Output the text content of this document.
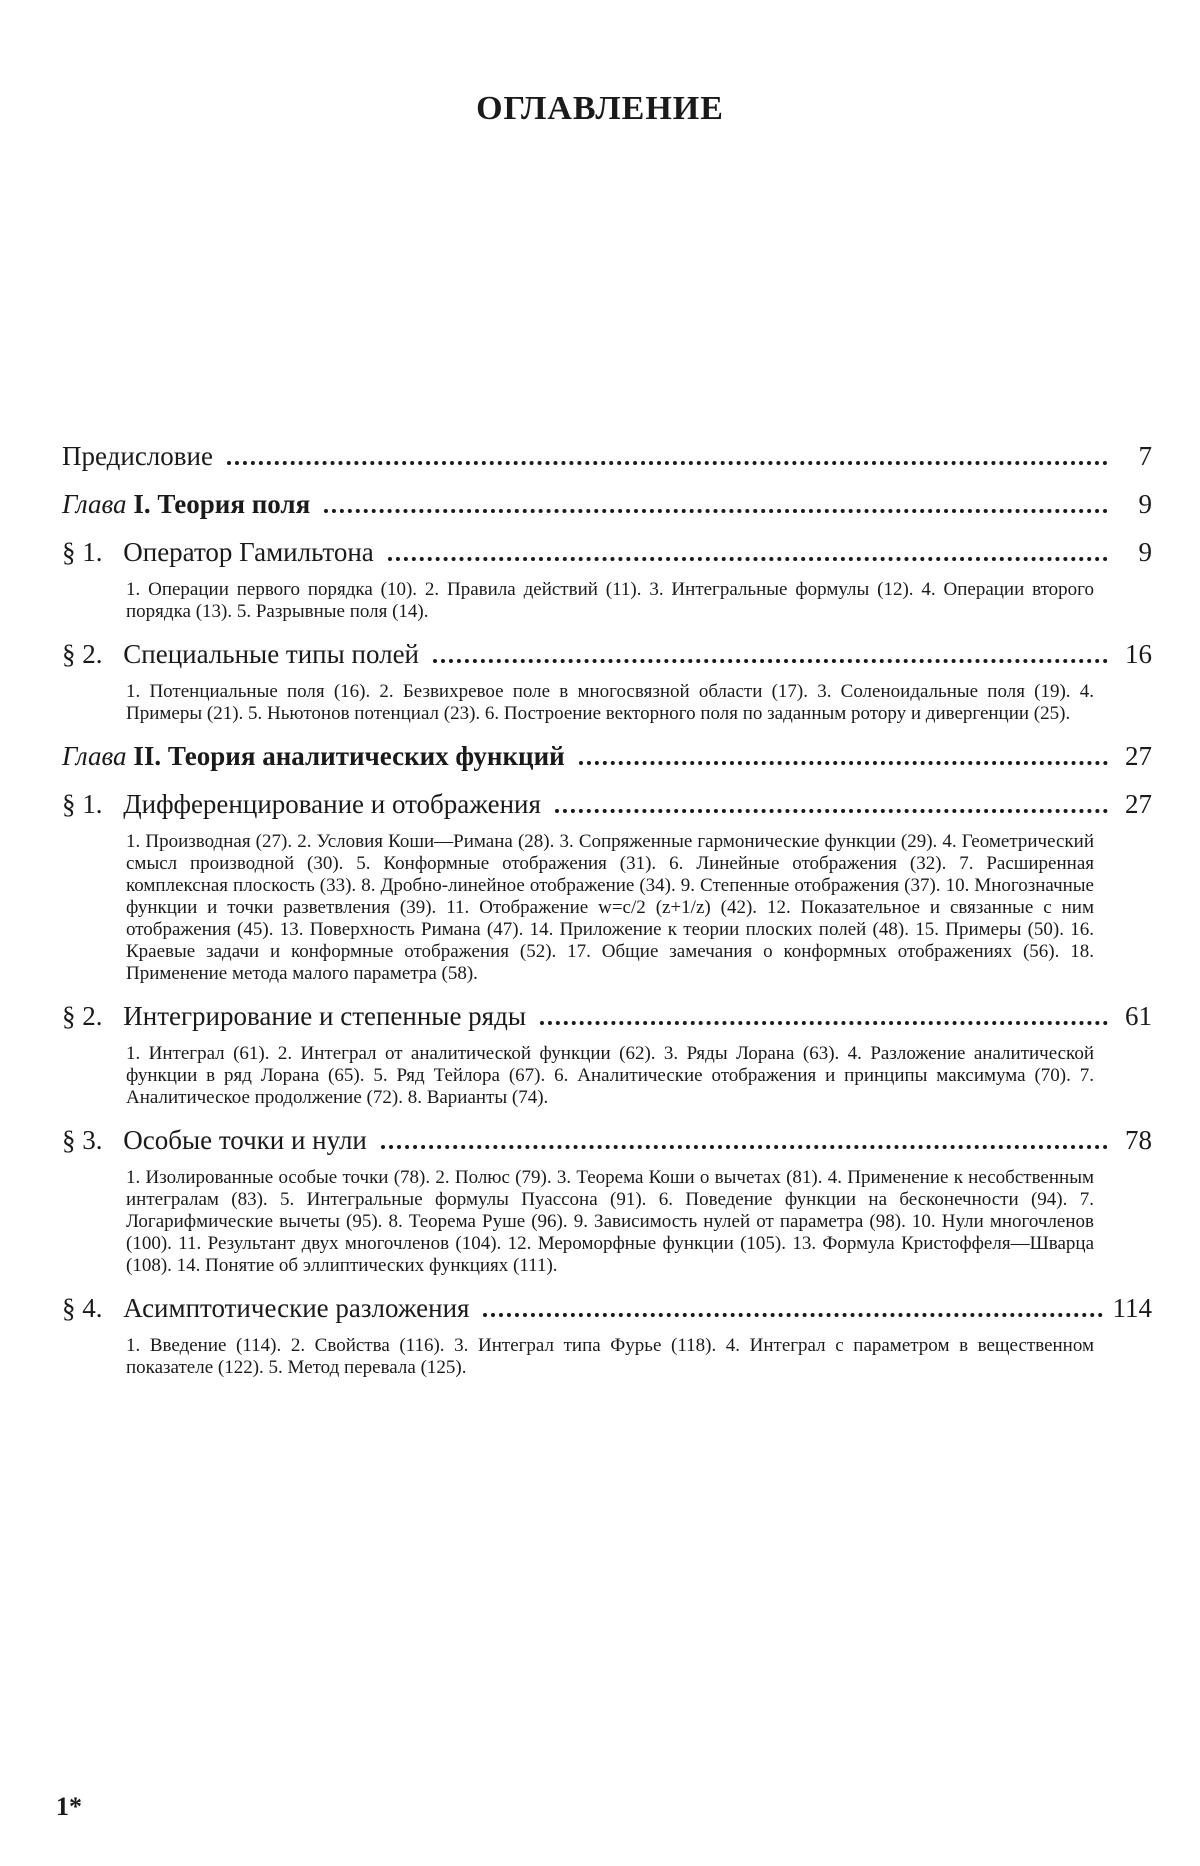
ОГЛАВЛЕНИЕ
Предисловие	7
Глава I. Теория поля	9
§ 1. Оператор Гамильтона	9
1. Операции первого порядка (10). 2. Правила действий (11). 3. Интегральные формулы (12). 4. Операции второго порядка (13). 5. Разрывные поля (14).
§ 2. Специальные типы полей	16
1. Потенциальные поля (16). 2. Безвихревое поле в многосвязной области (17). 3. Соленоидальные поля (19). 4. Примеры (21). 5. Ньютонов потенциал (23). 6. Построение векторного поля по заданным ротору и дивергенции (25).
Глава II. Теория аналитических функций	27
§ 1. Дифференцирование и отображения	27
1. Производная (27). 2. Условия Коши—Римана (28). 3. Сопряженные гармонические функции (29). 4. Геометрический смысл производной (30). 5. Конформные отображения (31). 6. Линейные отображения (32). 7. Расширенная комплексная плоскость (33). 8. Дробно-линейное отображение (34). 9. Степенные отображения (37). 10. Многозначные функции и точки разветвления (39). 11. Отображение w=c/2 (z+1/z) (42). 12. Показательное и связанные с ним отображения (45). 13. Поверхность Римана (47). 14. Приложение к теории плоских полей (48). 15. Примеры (50). 16. Краевые задачи и конформные отображения (52). 17. Общие замечания о конформных отображениях (56). 18. Применение метода малого параметра (58).
§ 2. Интегрирование и степенные ряды	61
1. Интеграл (61). 2. Интеграл от аналитической функции (62). 3. Ряды Лорана (63). 4. Разложение аналитической функции в ряд Лорана (65). 5. Ряд Тейлора (67). 6. Аналитические отображения и принципы максимума (70). 7. Аналитическое продолжение (72). 8. Варианты (74).
§ 3. Особые точки и нули	78
1. Изолированные особые точки (78). 2. Полюс (79). 3. Теорема Коши о вычетах (81). 4. Применение к несобственным интегралам (83). 5. Интегральные формулы Пуассона (91). 6. Поведение функции на бесконечности (94). 7. Логарифмические вычеты (95). 8. Теорема Руше (96). 9. Зависимость нулей от параметра (98). 10. Нули многочленов (100). 11. Результант двух многочленов (104). 12. Мероморфные функции (105). 13. Формула Кристоффеля—Шварца (108). 14. Понятие об эллиптических функциях (111).
§ 4. Асимптотические разложения	114
1. Введение (114). 2. Свойства (116). 3. Интеграл типа Фурье (118). 4. Интеграл с параметром в вещественном показателе (122). 5. Метод перевала (125).
1*
